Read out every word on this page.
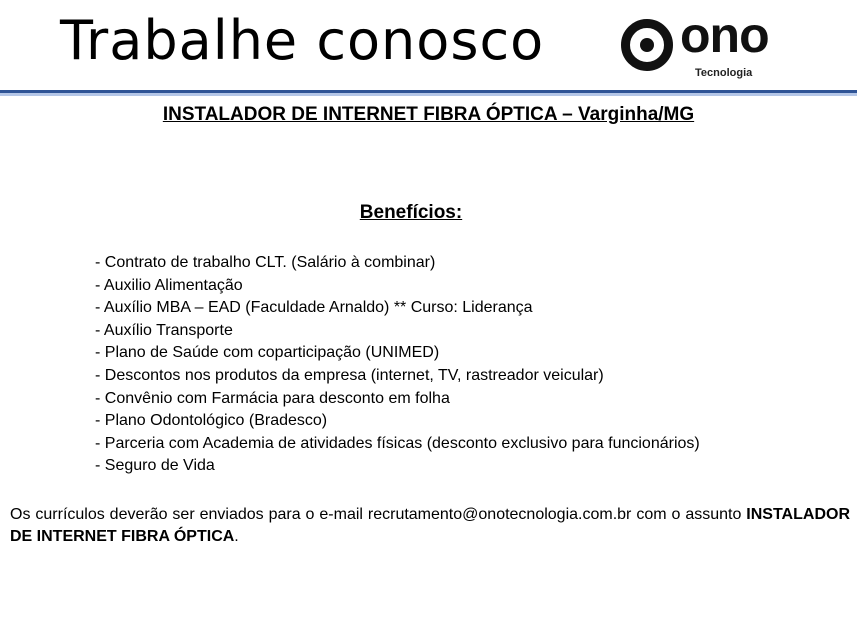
Trabalhe conosco	ono
Tecnologia
INSTALADOR DE INTERNET FIBRA ÓPTICA – Varginha/MG
Benefícios:
- Contrato de trabalho CLT. (Salário à combinar)
- Auxilio Alimentação
- Auxílio MBA – EAD (Faculdade Arnaldo) ** Curso: Liderança
- Auxílio Transporte
- Plano de Saúde com coparticipação (UNIMED)
- Descontos nos produtos da empresa (internet, TV, rastreador veicular)
- Convênio com Farmácia para desconto em folha
- Plano Odontológico (Bradesco)
- Parceria com Academia de atividades físicas (desconto exclusivo para funcionários)
- Seguro de Vida

Os currículos deverão ser enviados para o e-mail recrutamento@onotecnologia.com.br com o assunto INSTALADOR DE INTERNET FIBRA ÓPTICA.
